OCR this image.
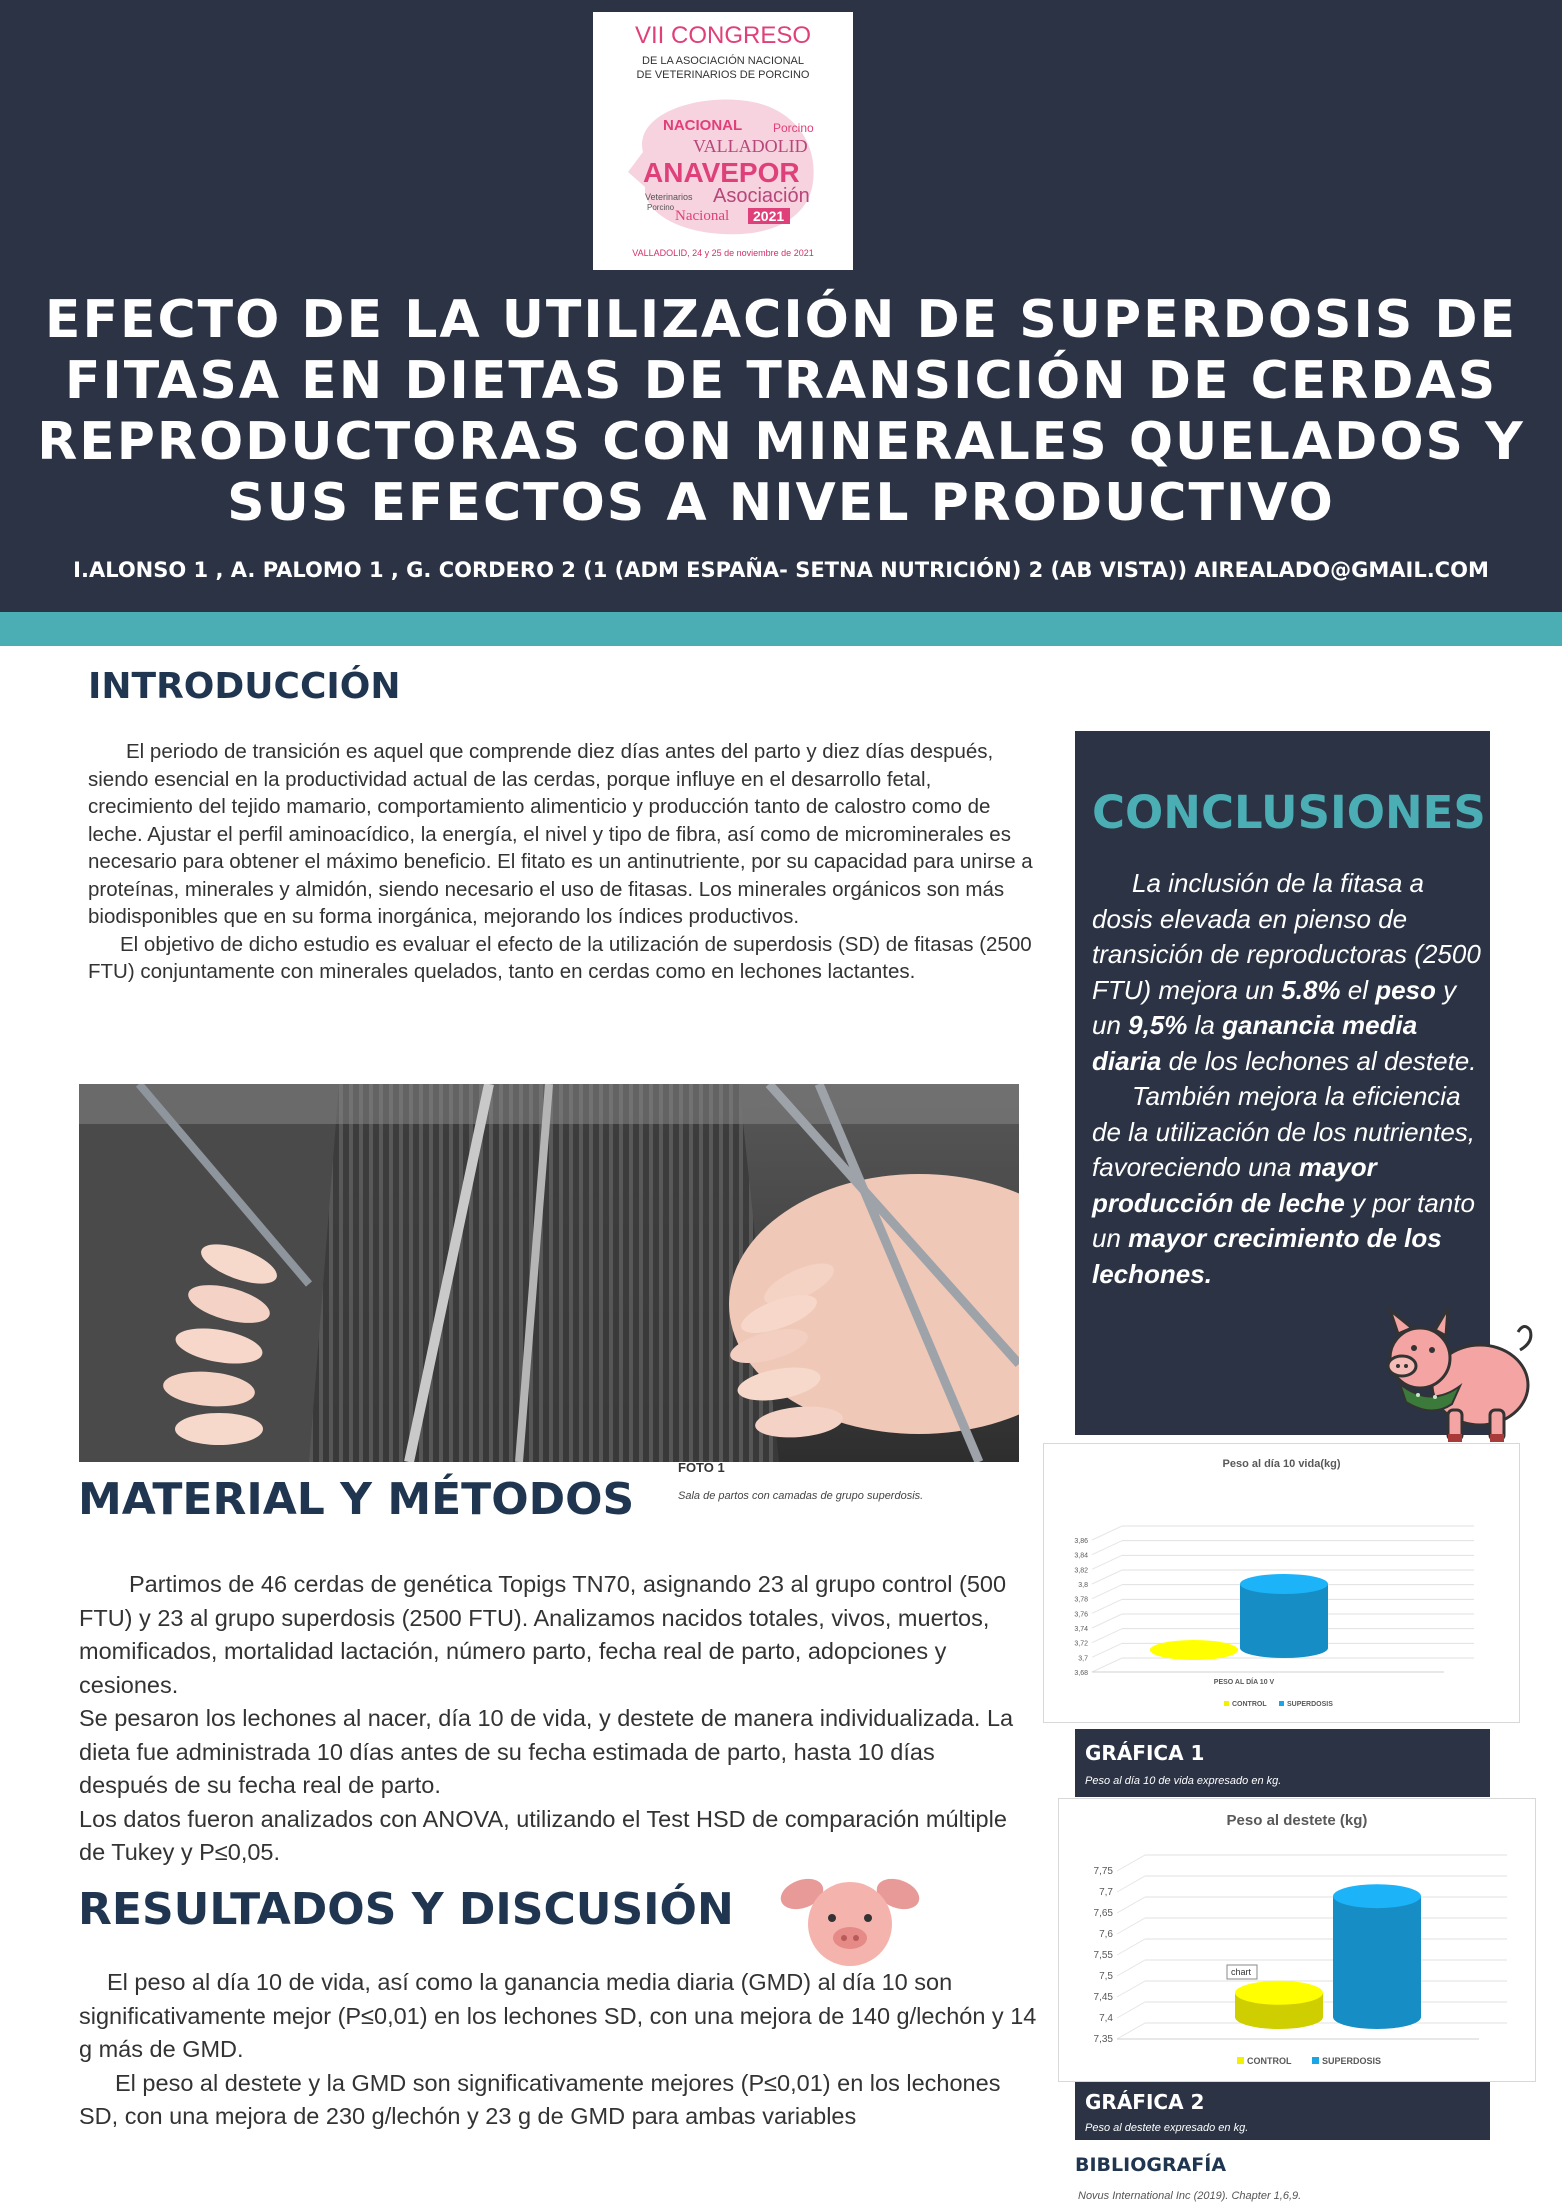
VII CONGRESO
DE LA ASOCIACIÓN NACIONAL
DE VETERINARIOS DE PORCINO
Porcino
NACIONAL
VALLADOLID
ANAVEPOR
Veterinarios Asociación
Nacional 2021
Porcino
VALLADOLID, 24 y 25 de noviembre de 2021
EFECTO DE LA UTILIZACIÓN DE SUPERDOSIS DE
FITASA EN DIETAS DE TRANSICIÓN DE CERDAS
REPRODUCTORAS CON MINERALES QUELADOS Y
SUS EFECTOS A NIVEL PRODUCTIVO
I.ALONSO 1 , A. PALOMO 1 , G. CORDERO 2 (1 (ADM ESPAÑA- SETNA NUTRICIÓN) 2 (AB VISTA)) AIREALADO@GMAIL.COM
INTRODUCCIÓN

El periodo de transición es aquel que comprende diez días antes del parto y diez días después, siendo esencial en la productividad actual de las cerdas, porque influye en el desarrollo fetal, crecimiento del tejido mamario, comportamiento alimenticio y producción tanto de calostro como de leche. Ajustar el perfil aminoacídico, la energía, el nivel y tipo de fibra, así como de microminerales es necesario para obtener el máximo beneficio. El fitato es un antinutriente, por su capacidad para unirse a proteínas, minerales y almidón, siendo necesario el uso de fitasas. Los minerales orgánicos son más biodisponibles que en su forma inorgánica, mejorando los índices productivos.

El objetivo de dicho estudio es evaluar el efecto de la utilización de superdosis (SD) de fitasas (2500 FTU) conjuntamente con minerales quelados, tanto en cerdas como en lechones lactantes.

FOTO 1
Sala de partos con camadas de grupo superdosis.
MATERIAL Y MÉTODOS

Partimos de 46 cerdas de genética Topigs TN70, asignando 23 al grupo control (500 FTU) y 23 al grupo superdosis (2500 FTU). Analizamos nacidos totales, vivos, muertos, momificados, mortalidad lactación, número parto, fecha real de parto, adopciones y cesiones.

Se pesaron los lechones al nacer, día 10 de vida, y destete de manera individualizada. La dieta fue administrada 10 días antes de su fecha estimada de parto, hasta 10 días después de su fecha real de parto.

Los datos fueron analizados con ANOVA, utilizando el Test HSD de comparación múltiple de Tukey y P≤0,05.

RESULTADOS Y DISCUSIÓN

El peso al día 10 de vida, así como la ganancia media diaria (GMD) al día 10 son significativamente mejor (P≤0,01) en los lechones SD, con una mejora de 140 g/lechón y 14 g más de GMD.

El peso al destete y la GMD son significativamente mejores (P≤0,01) en los lechones SD, con una mejora de 230 g/lechón y 23 g de GMD para ambas variables

CONCLUSIONES

La inclusión de la fitasa a dosis elevada en pienso de transición de reproductoras (2500 FTU) mejora un 5.8% el peso y un 9,5% la ganancia media diaria de los lechones al destete.

También mejora la eficiencia de la utilización de los nutrientes, favoreciendo una mayor producción de leche y por tanto un mayor crecimiento de los lechones.

Peso al día 10 vida(kg)
3,86
3,84
3,82
3,8
3,78
3,76
3,74
3,72
3,7
3,68
PESO AL DÍA 10 V
CONTROL	SUPERDOSIS
GRÁFICA 1
Peso al día 10 de vida expresado en kg.
Peso al destete (kg)
7,75
7,7
7,65
7,6
7,55
7,5
7,45
7,4
7,35
CONTROL	SUPERDOSIS
chart
GRÁFICA 2
Peso al destete expresado en kg.
BIBLIOGRAFÍA
Novus International Inc (2019). Chapter 1,6,9.
